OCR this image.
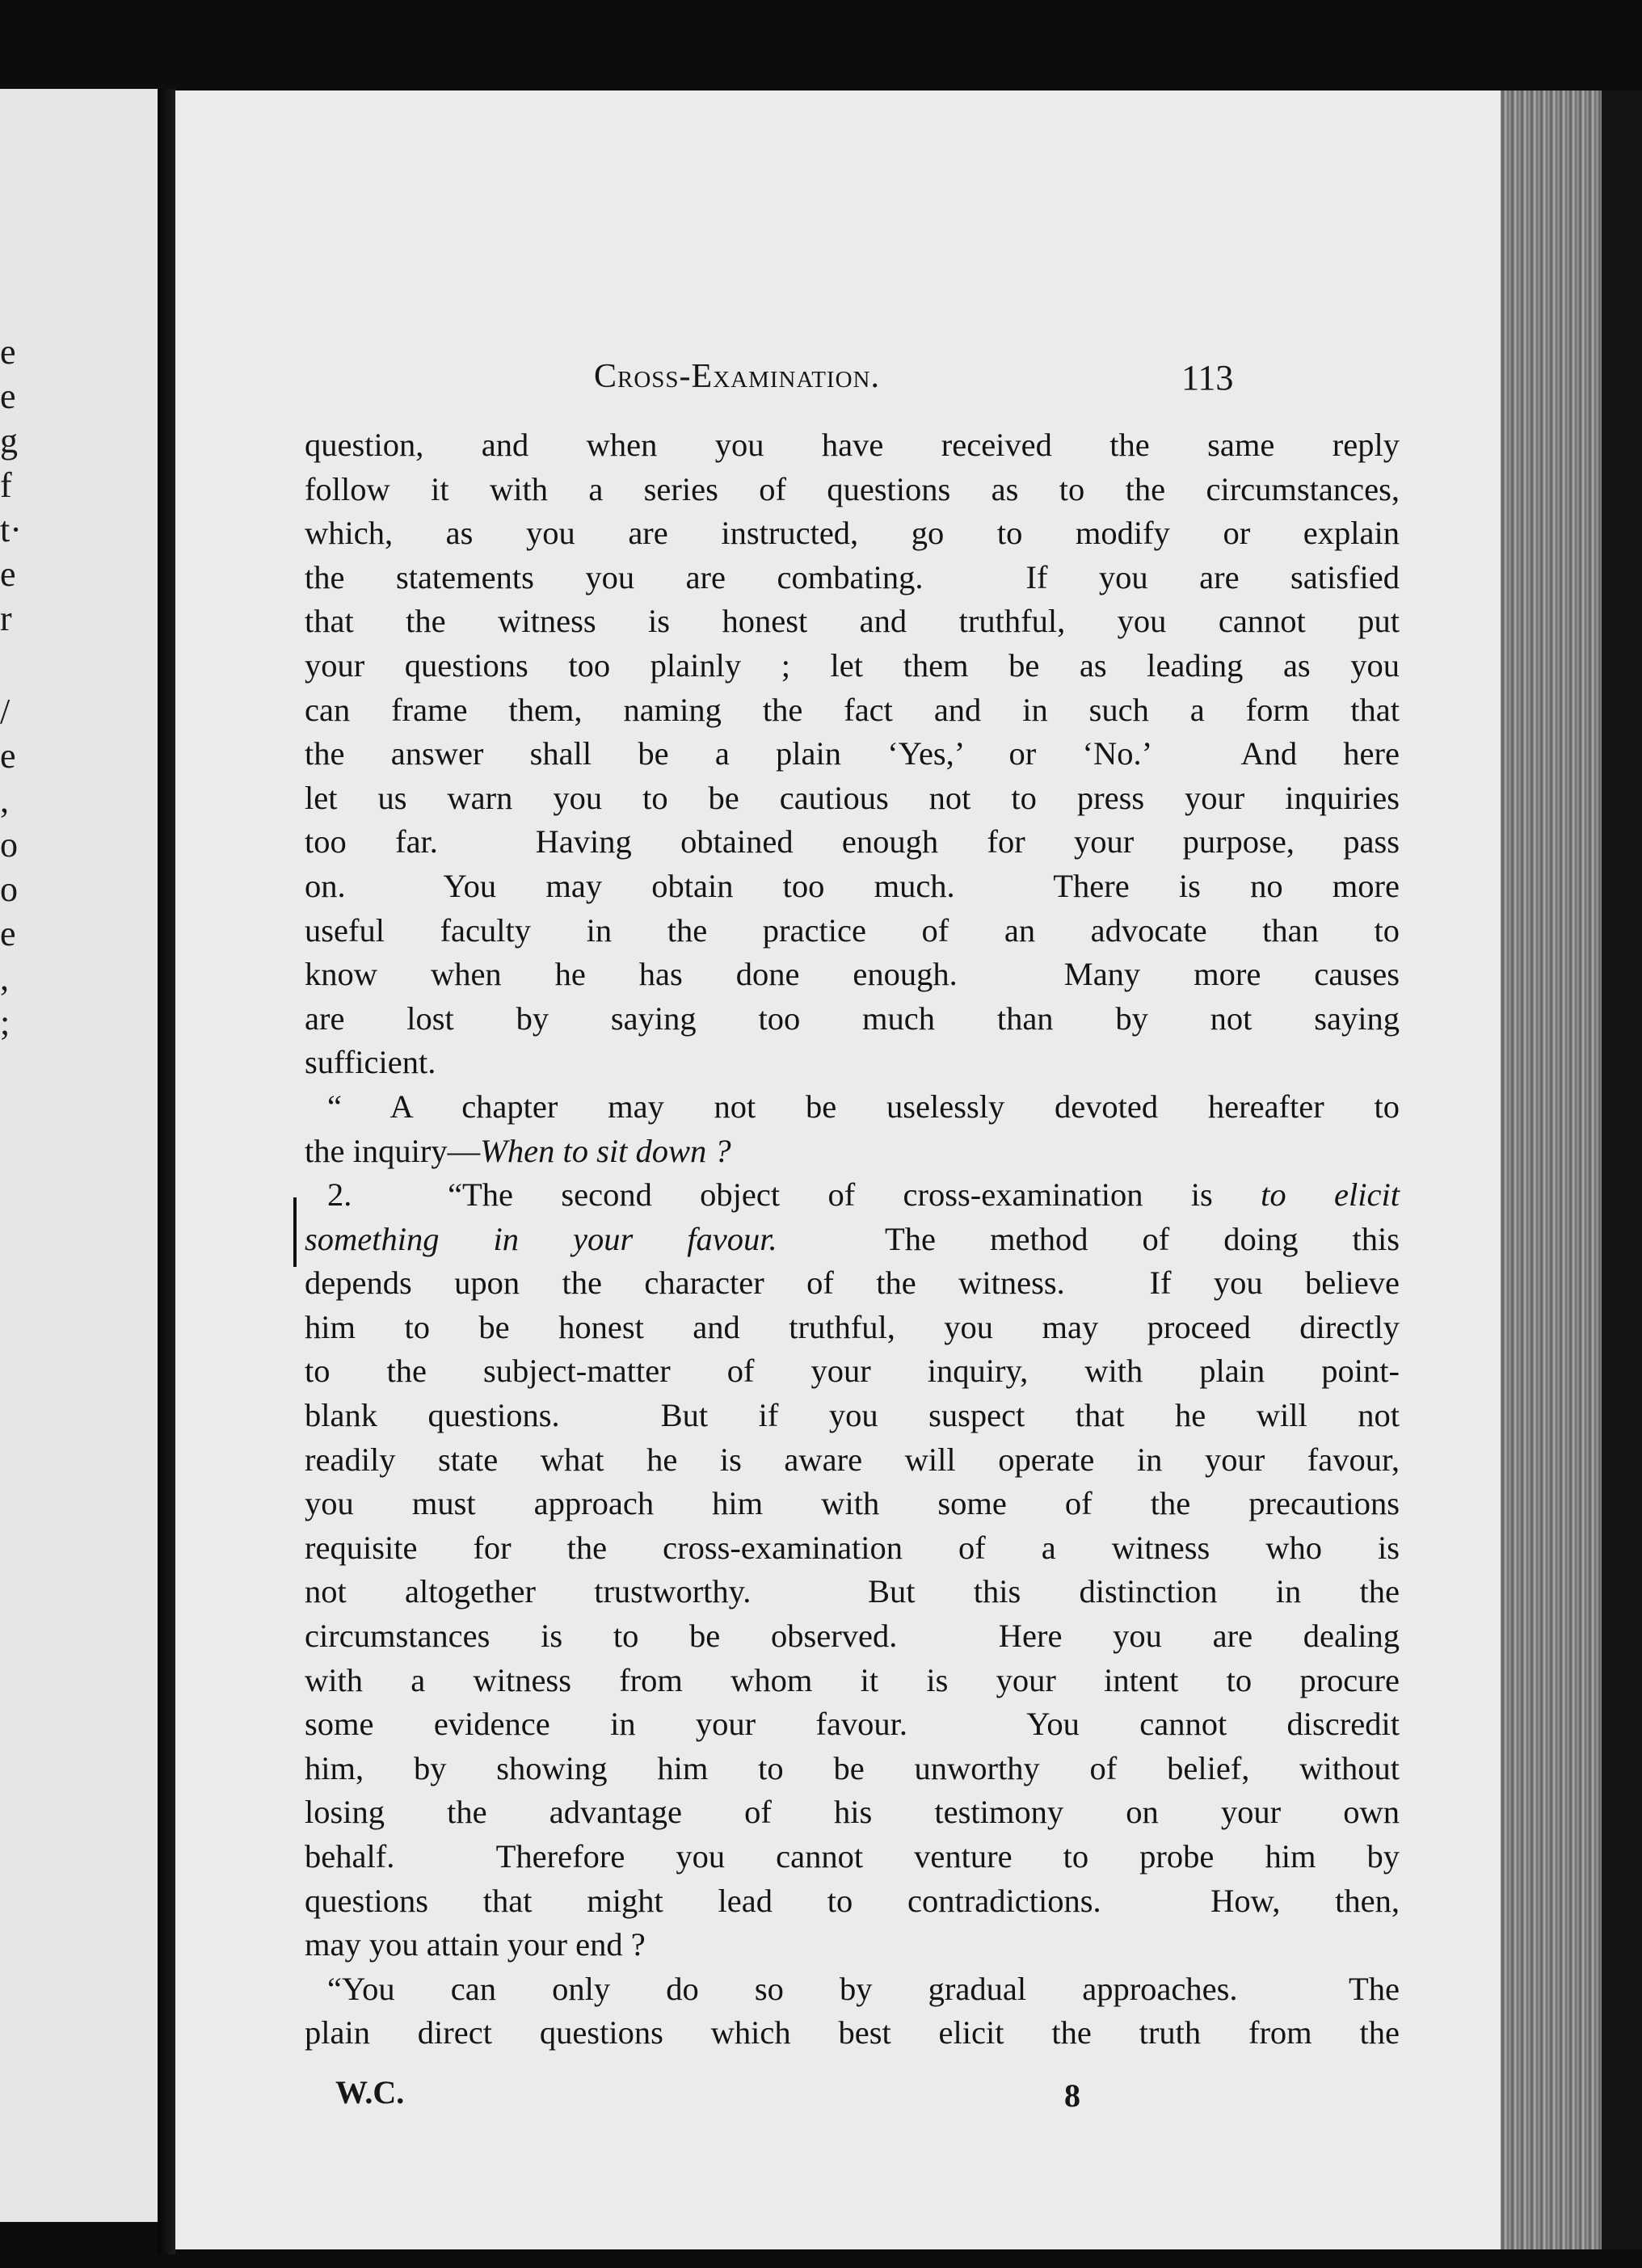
e
e
g
f
t·
e
r
/
e
,
o
o
e
,
;
Cross-Examination.	113
question, and when you have received the same reply
follow it with a series of questions as to the circumstances,
which, as you are instructed, go to modify or explain
the statements you are combating.  If you are satisfied
that the witness is honest and truthful, you cannot put
your questions too plainly ; let them be as leading as you
can frame them, naming the fact and in such a form that
the answer shall be a plain ‘Yes,’ or ‘No.’  And here
let us warn you to be cautious not to press your inquiries
too far.  Having obtained enough for your purpose, pass
on.  You may obtain too much.  There is no more
useful faculty in the practice of an advocate than to
know when he has done enough.  Many more causes
are lost by saying too much than by not saying
sufficient.
“ A chapter may not be uselessly devoted hereafter to
the inquiry—When to sit down ?
2.  “The second object of cross-examination is to elicit
something in your favour.  The method of doing this
depends upon the character of the witness.  If you believe
him to be honest and truthful, you may proceed directly
to the subject-matter of your inquiry, with plain point-
blank questions.  But if you suspect that he will not
readily state what he is aware will operate in your favour,
you must approach him with some of the precautions
requisite for the cross-examination of a witness who is
not altogether trustworthy.  But this distinction in the
circumstances is to be observed.  Here you are dealing
with a witness from whom it is your intent to procure
some evidence in your favour.  You cannot discredit
him, by showing him to be unworthy of belief, without
losing the advantage of his testimony on your own
behalf.  Therefore you cannot venture to probe him by
questions that might lead to contradictions.  How, then,
may you attain your end ?
“You can only do so by gradual approaches.  The
plain direct questions which best elicit the truth from the
W.C.	8
